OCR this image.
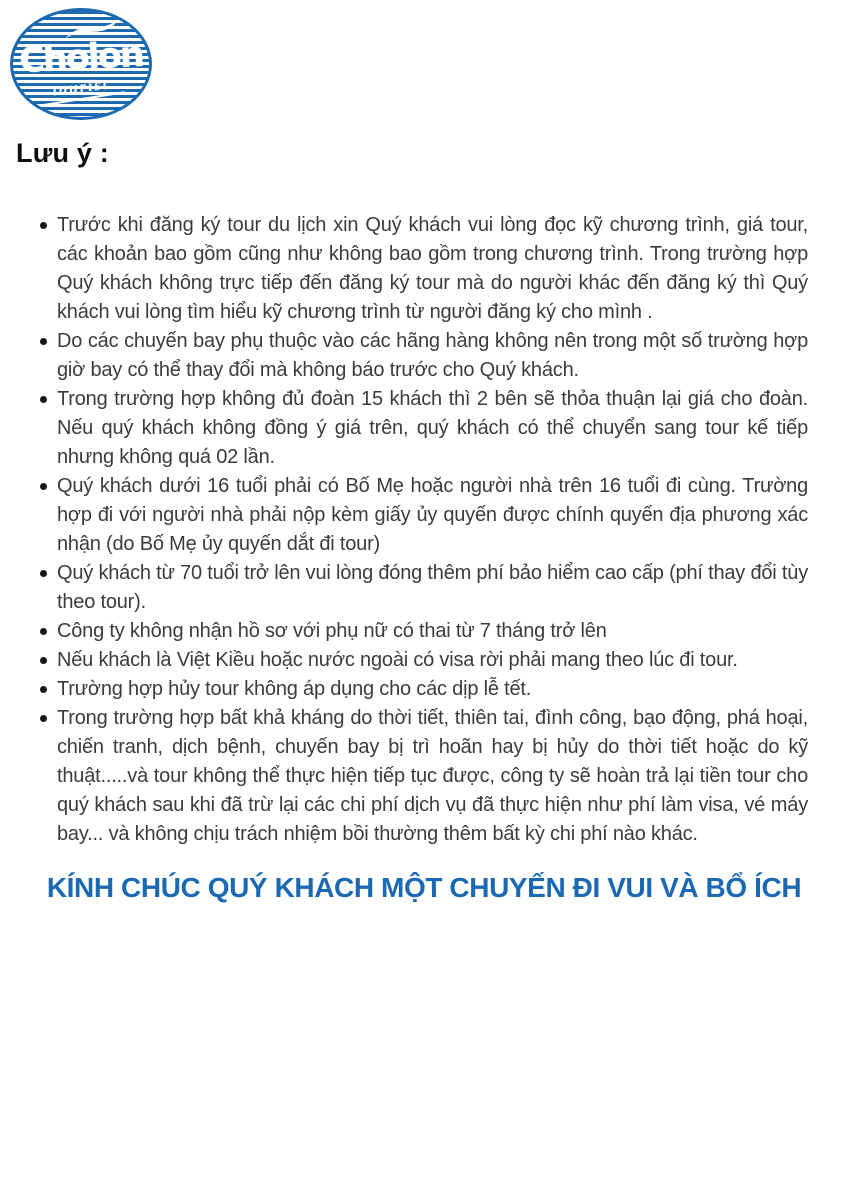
Cholon
tourist
Lưu ý :
Trước khi đăng ký tour du lịch xin Quý khách vui lòng đọc kỹ chương trình, giá tour, các khoản bao gồm cũng như không bao gồm trong chương trình. Trong trường hợp Quý khách không trực tiếp đến đăng ký tour mà do người khác đến đăng ký thì Quý khách vui lòng tìm hiểu kỹ chương trình từ người đăng ký cho mình .
Do các chuyến bay phụ thuộc vào các hãng hàng không nên trong một số trường hợp giờ bay có thể thay đổi mà không báo trước cho Quý khách.
Trong trường hợp không đủ đoàn 15 khách thì 2 bên sẽ thỏa thuận lại giá cho đoàn. Nếu quý khách không đồng ý giá trên, quý khách có thể chuyển sang tour kế tiếp nhưng không quá 02 lần.
Quý khách dưới 16 tuổi phải có Bố Mẹ hoặc người nhà trên 16 tuổi đi cùng. Trường hợp đi với người nhà phải nộp kèm giấy ủy quyến được chính quyến địa phương xác nhận (do Bố Mẹ ủy quyến dắt đi tour)
Quý khách từ 70 tuổi trở lên vui lòng đóng thêm phí bảo hiểm cao cấp (phí thay đổi tùy theo tour).
Công ty không nhận hồ sơ với phụ nữ có thai từ 7 tháng trở lên
Nếu khách là Việt Kiều hoặc nước ngoài có visa rời phải mang theo lúc đi tour.
Trường hợp hủy tour không áp dụng cho các dịp lễ tết.
Trong trường hợp bất khả kháng do thời tiết, thiên tai, đình công, bạo động, phá hoại, chiến tranh, dịch bệnh, chuyến bay bị trì hoãn hay bị hủy do thời tiết hoặc do kỹ thuật.....và tour không thể thực hiện tiếp tục được, công ty sẽ hoàn trả lại tiền tour cho quý khách sau khi đã trừ lại các chi phí dịch vụ đã thực hiện như phí làm visa, vé máy bay... và không chịu trách nhiệm bồi thường thêm bất kỳ chi phí nào khác.
KÍNH CHÚC QUÝ KHÁCH MỘT CHUYẾN ĐI VUI VÀ BỔ ÍCH
